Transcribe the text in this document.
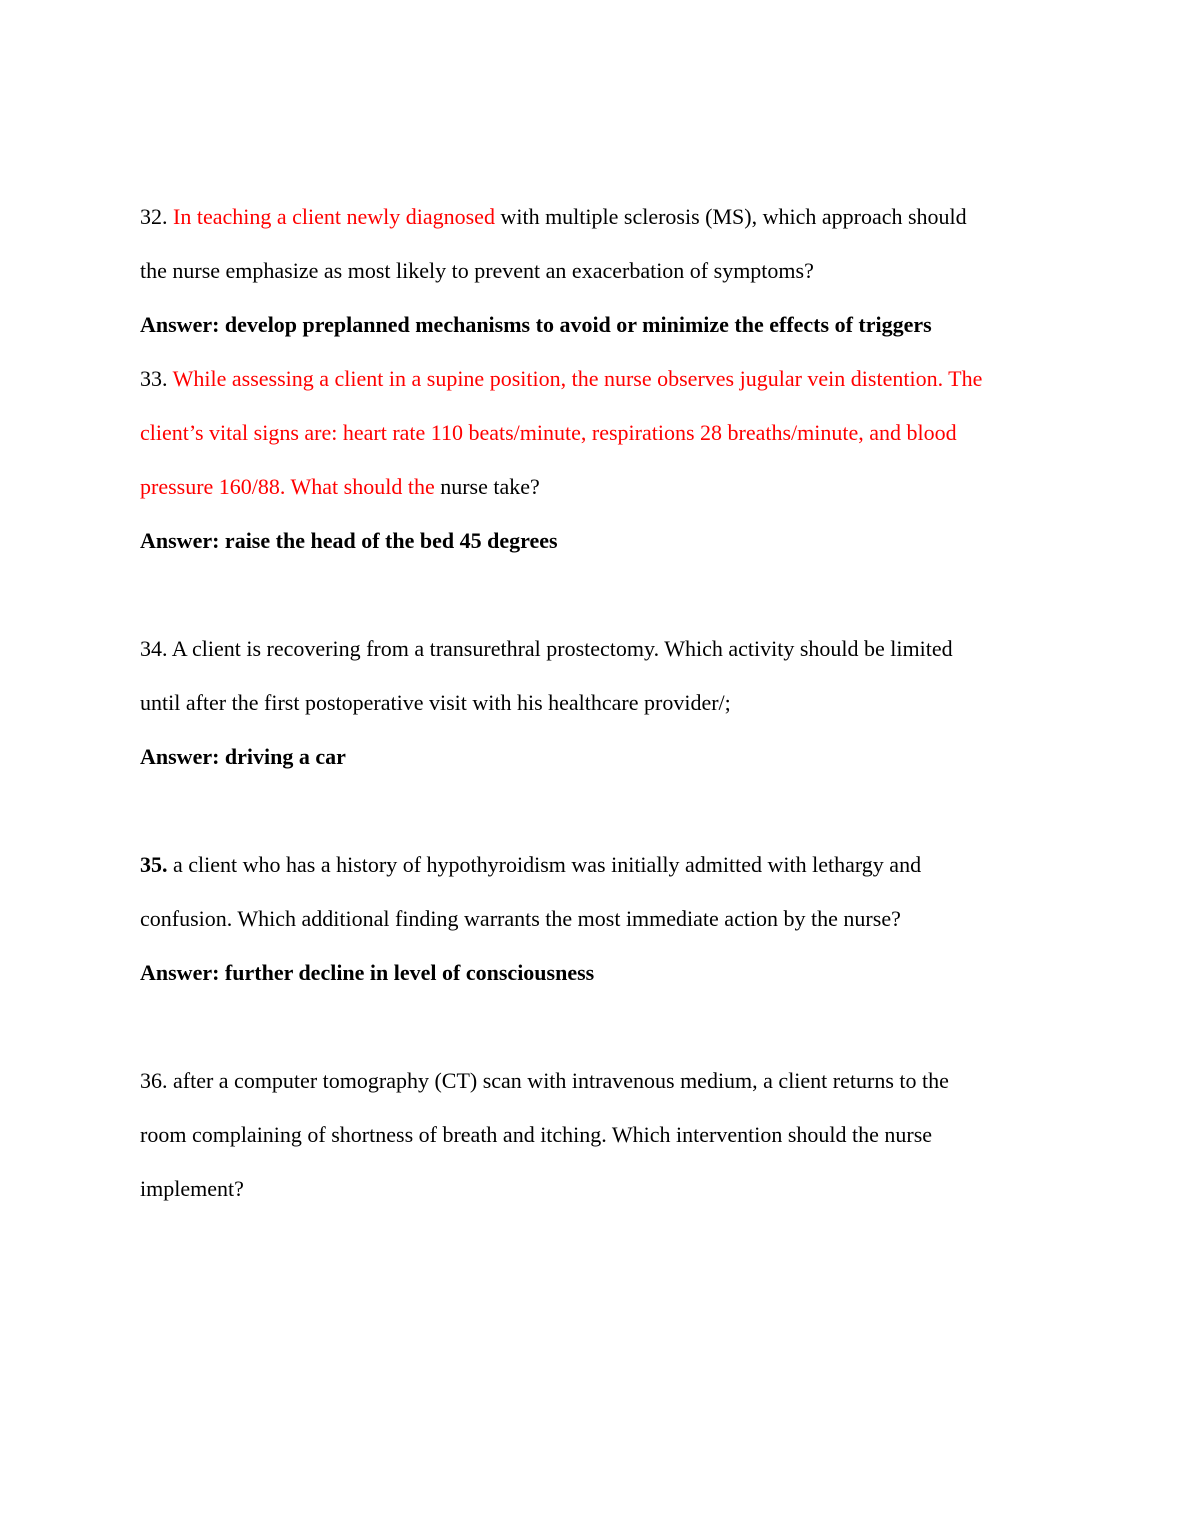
32. In teaching a client newly diagnosed with multiple sclerosis (MS), which approach should
the nurse emphasize as most likely to prevent an exacerbation of symptoms?
Answer: develop preplanned mechanisms to avoid or minimize the effects of triggers
33. While assessing a client in a supine position, the nurse observes jugular vein distention. The
client’s vital signs are: heart rate 110 beats/minute, respirations 28 breaths/minute, and blood
pressure 160/88. What should the nurse take?
Answer: raise the head of the bed 45 degrees
34. A client is recovering from a transurethral prostectomy. Which activity should be limited
until after the first postoperative visit with his healthcare provider/;
Answer: driving a car
35. a client who has a history of hypothyroidism was initially admitted with lethargy and
confusion. Which additional finding warrants the most immediate action by the nurse?
Answer: further decline in level of consciousness
36. after a computer tomography (CT) scan with intravenous medium, a client returns to the
room complaining of shortness of breath and itching. Which intervention should the nurse
implement?
